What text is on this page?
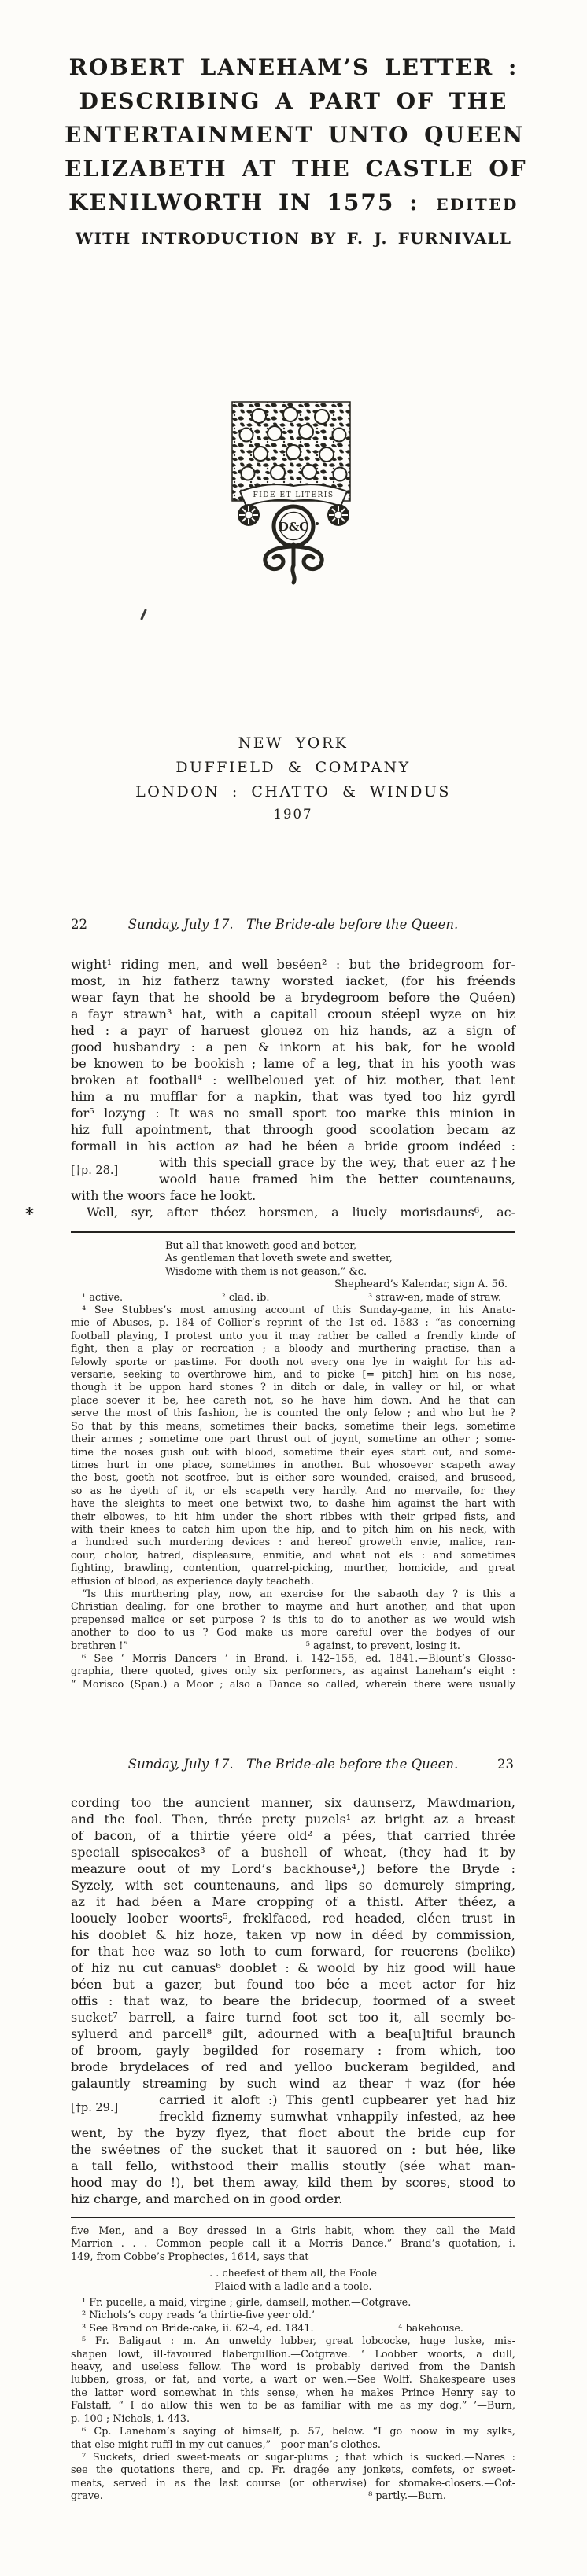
ROBERT LANEHAM’S LETTER :
DESCRIBING A PART OF THE
ENTERTAINMENT UNTO QUEEN
ELIZABETH AT THE CASTLE OF
KENILWORTH IN 1575 : EDITED
WITH INTRODUCTION BY F. J. FURNIVALL
FIDE ET LITERIS
D&C
NEW YORK
DUFFIELD & COMPANY
LONDON : CHATTO & WINDUS
1907
22	Sunday, July 17. The Bride-ale before the Queen.
wight¹ riding men, and well beséen² : but the bridegroom for-
most, in hiz fatherz tawny worsted iacket, (for his fréends
wear fayn that he shoold be a brydegroom before the Quéen)
a fayr strawn³ hat, with a capitall crooun stéepl wyze on hiz
hed : a payr of haruest glouez on hiz hands, az a sign of
good husbandry : a pen & inkorn at his bak, for he woold
be knowen to be bookish ; lame of a leg, that in his yooth was
broken at football⁴ : wellbeloued yet of hiz mother, that lent
him a nu mufflar for a napkin, that was tyed too hiz gyrdl
for⁵ lozyng : It was no small sport too marke this minion in
hiz full apointment, that throogh good scoolation becam az
formall in his action az had he béen a bride groom indéed :
[†p. 28.]
with this speciall grace by the wey, that euer az †he
woold haue framed him the better countenauns,
with the woors face he lookt.
Well, syr, after théez horsmen, a liuely morisdauns⁶, ac-
But all that knoweth good and better,
As gentleman that loveth swete and swetter,
Wisdome with them is not geason,” &c.
Shepheard’s Kalendar, sign A. 56.
¹ active.	² clad. ib.	³ straw-en, made of straw.
⁴ See Stubbes’s most amusing account of this Sunday-game, in his Anato-
mie of Abuses, p. 184 of Collier’s reprint of the 1st ed. 1583 : “as concerning
football playing, I protest unto you it may rather be called a frendly kinde of
fight, then a play or recreation ; a bloody and murthering practise, than a
felowly sporte or pastime. For dooth not every one lye in waight for his ad-
versarie, seeking to overthrowe him, and to picke [= pitch] him on his nose,
though it be uppon hard stones ? in ditch or dale, in valley or hil, or what
place soever it be, hee careth not, so he have him down. And he that can
serve the most of this fashion, he is counted the only felow ; and who but he ?
So that by this means, sometimes their backs, sometime their legs, sometime
their armes ; sometime one part thrust out of joynt, sometime an other ; some-
time the noses gush out with blood, sometime their eyes start out, and some-
times hurt in one place, sometimes in another. But whosoever scapeth away
the best, goeth not scotfree, but is either sore wounded, craised, and bruseed,
so as he dyeth of it, or els scapeth very hardly. And no mervaile, for they
have the sleights to meet one betwixt two, to dashe him against the hart with
their elbowes, to hit him under the short ribbes with their griped fists, and
with their knees to catch him upon the hip, and to pitch him on his neck, with
a hundred such murdering devices : and hereof groweth envie, malice, ran-
cour, cholor, hatred, displeasure, enmitie, and what not els : and sometimes
fighting, brawling, contention, quarrel-picking, murther, homicide, and great
effusion of blood, as experience dayly teacheth.
“Is this murthering play, now, an exercise for the sabaoth day ? is this a
Christian dealing, for one brother to mayme and hurt another, and that upon
prepensed malice or set purpose ? is this to do to another as we would wish
another to doo to us ? God make us more careful over the bodyes of our
brethren !”	⁵ against, to prevent, losing it.
⁶ See ‘ Morris Dancers ’ in Brand, i. 142–155, ed. 1841.—Blount’s Glosso-
graphia, there quoted, gives only six performers, as against Laneham’s eight :
“ Morisco (Span.) a Moor ; also a Dance so called, wherein there were usually
*
Sunday, July 17. The Bride-ale before the Queen.	23
cording too the auncient manner, six daunserz, Mawdmarion,
and the fool. Then, thrée prety puzels¹ az bright az a breast
of bacon, of a thirtie yéere old² a pées, that carried thrée
speciall spisecakes³ of a bushell of wheat, (they had it by
meazure oout of my Lord’s backhouse⁴,) before the Bryde :
Syzely, with set countenauns, and lips so demurely simpring,
az it had béen a Mare cropping of a thistl. After théez, a
loouely loober woorts⁵, freklfaced, red headed, cléen trust in
his dooblet & hiz hoze, taken vp now in déed by commission,
for that hee waz so loth to cum forward, for reuerens (belike)
of hiz nu cut canuas⁶ dooblet : & woold by hiz good will haue
béen but a gazer, but found too bée a meet actor for hiz
offis : that waz, to beare the bridecup, foormed of a sweet
sucket⁷ barrell, a faire turnd foot set too it, all seemly be-
syluerd and parcell⁸ gilt, adourned with a bea[u]tiful braunch
of broom, gayly begilded for rosemary : from which, too
brode brydelaces of red and yelloo buckeram begilded, and
galauntly streaming by such wind az thear †waz (for hée
[†p. 29.]
carried it aloft :) This gentl cupbearer yet had hiz
freckld fiznemy sumwhat vnhappily infested, az hee
went, by the byzy flyez, that floct about the bride cup for
the swéetnes of the sucket that it sauored on : but hée, like
a tall fello, withstood their mallis stoutly (sée what man-
hood may do !), bet them away, kild them by scores, stood to
hiz charge, and marched on in good order.
five Men, and a Boy dressed in a Girls habit, whom they call the Maid
Marrion . . . Common people call it a Morris Dance.” Brand’s quotation, i.
149, from Cobbe’s Prophecies, 1614, says that
. . cheefest of them all, the Foole
Plaied with a ladle and a toole.
¹ Fr. pucelle, a maid, virgine ; girle, damsell, mother.—Cotgrave.
² Nichols’s copy reads ‘a thirtie-five yeer old.’
³ See Brand on Bride-cake, ii. 62–4, ed. 1841.	⁴ bakehouse.
⁵ Fr. Baligaut : m. An unweldy lubber, great lobcocke, huge luske, mis-
shapen lowt, ill-favoured flabergullion.—Cotgrave. ‘ Loobber woorts, a dull,
heavy, and useless fellow. The word is probably derived from the Danish
lubben, gross, or fat, and vorte, a wart or wen.—See Wolff. Shakespeare uses
the latter word somewhat in this sense, when he makes Prince Henry say to
Falstaff, “ I do allow this wen to be as familiar with me as my dog.” ’—Burn,
p. 100 ; Nichols, i. 443.
⁶ Cp. Laneham’s saying of himself, p. 57, below. “I go noow in my sylks,
that else might ruffl in my cut canues,”—poor man’s clothes.
⁷ Suckets, dried sweet-meats or sugar-plums ; that which is sucked.—Nares :
see the quotations there, and cp. Fr. dragée any jonkets, comfets, or sweet-
meats, served in as the last course (or otherwise) for stomake-closers.—Cot-
grave.	⁸ partly.—Burn.
